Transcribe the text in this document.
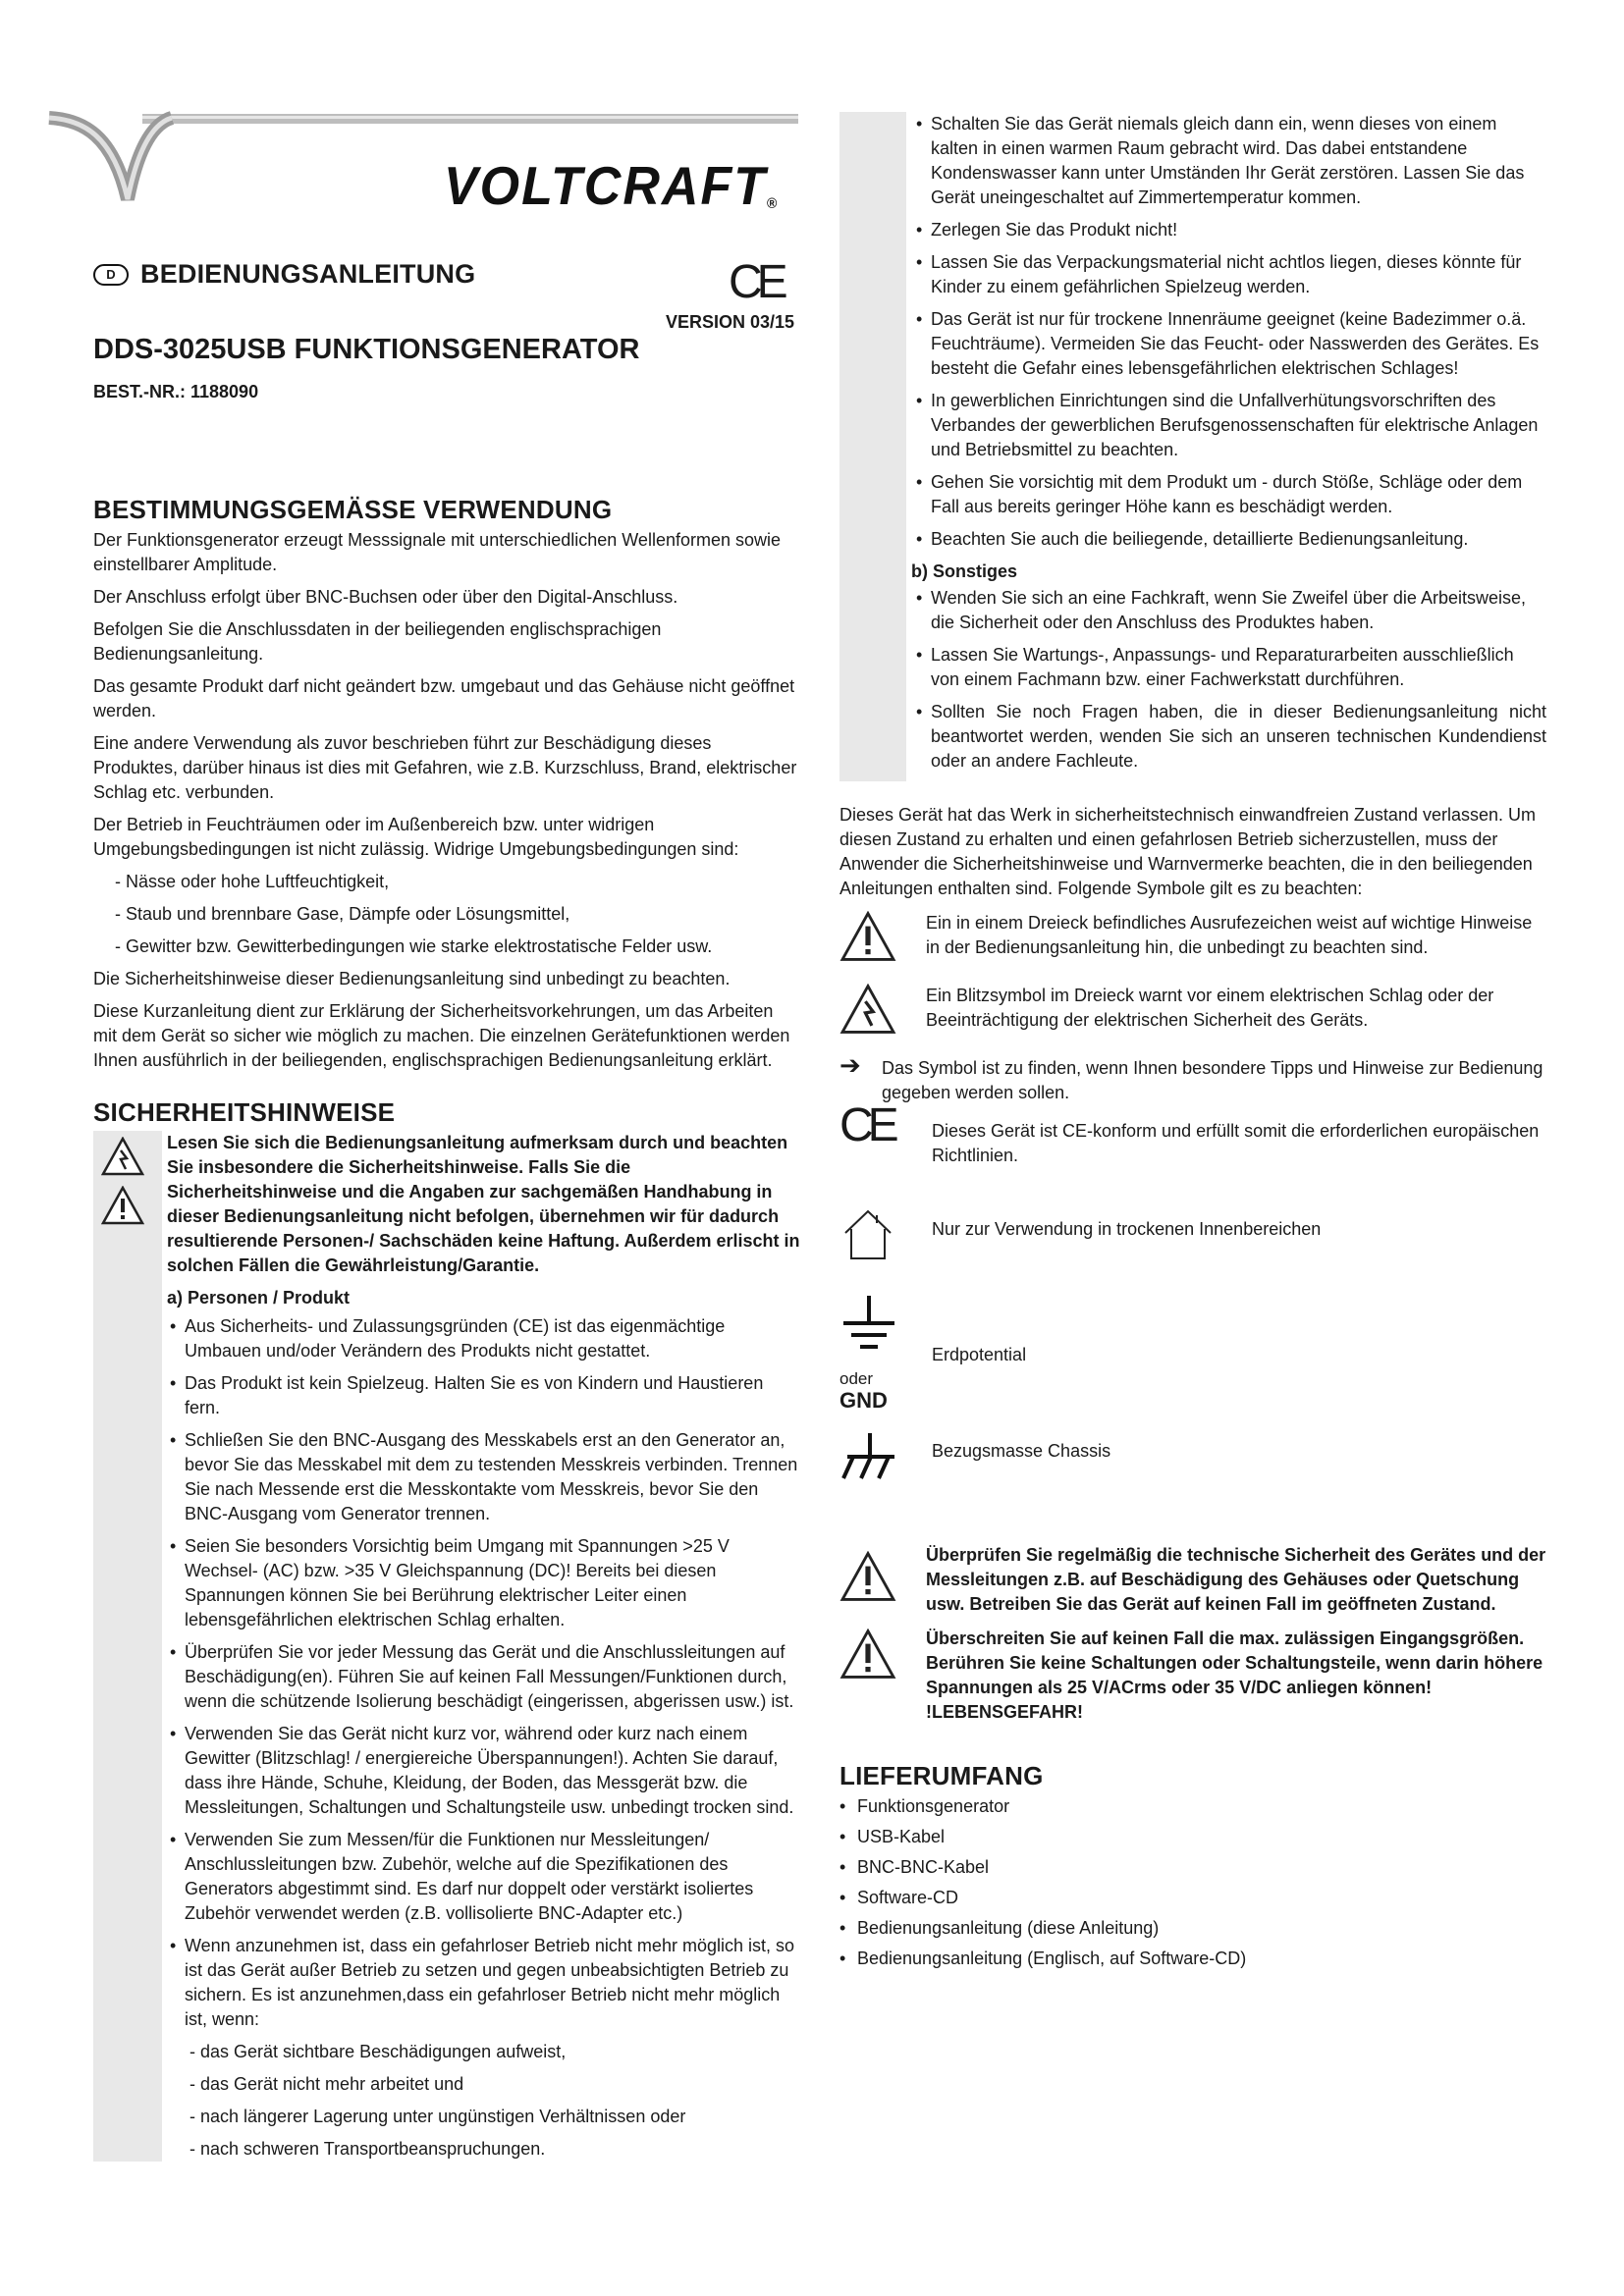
VOLTCRAFT®
D BEDIENUNGSANLEITUNG	CE
VERSION 03/15
DDS-3025USB FUNKTIONSGENERATOR
BEST.-NR.: 1188090
BESTIMMUNGSGEMÄSSE VERWENDUNG
Der Funktionsgenerator erzeugt Messsignale mit unterschiedlichen Wellenformen sowie einstellbarer Amplitude.
Der Anschluss erfolgt über BNC-Buchsen oder über den Digital-Anschluss.
Befolgen Sie die Anschlussdaten in der beiliegenden englischsprachigen Bedienungsanleitung.
Das gesamte Produkt darf nicht geändert bzw. umgebaut und das Gehäuse nicht geöffnet werden.
Eine andere Verwendung als zuvor beschrieben führt zur Beschädigung dieses Produktes, darüber hinaus ist dies mit Gefahren, wie z.B. Kurzschluss, Brand, elektrischer Schlag etc. verbunden.
Der Betrieb in Feuchträumen oder im Außenbereich bzw. unter widrigen Umgebungsbedingungen ist nicht zulässig. Widrige Umgebungsbedingungen sind:
- Nässe oder hohe Luftfeuchtigkeit,
- Staub und brennbare Gase, Dämpfe oder Lösungsmittel,
- Gewitter bzw. Gewitterbedingungen wie starke elektrostatische Felder usw.
Die Sicherheitshinweise dieser Bedienungsanleitung sind unbedingt zu beachten.
Diese Kurzanleitung dient zur Erklärung der Sicherheitsvorkehrungen, um das Arbeiten mit dem Gerät so sicher wie möglich zu machen. Die einzelnen Gerätefunktionen werden Ihnen ausführlich in der beiliegenden, englischsprachigen Bedienungsanleitung erklärt.
SICHERHEITSHINWEISE
Lesen Sie sich die Bedienungsanleitung aufmerksam durch und beachten Sie insbesondere die Sicherheitshinweise. Falls Sie die Sicherheitshinweise und die Angaben zur sachgemäßen Handhabung in dieser Bedienungsanleitung nicht befolgen, übernehmen wir für dadurch resultierende Personen-/ Sachschäden keine Haftung. Außerdem erlischt in solchen Fällen die Gewährleistung/Garantie.
a) Personen / Produkt
• Aus Sicherheits- und Zulassungsgründen (CE) ist das eigenmächtige Umbauen und/oder Verändern des Produkts nicht gestattet.
• Das Produkt ist kein Spielzeug. Halten Sie es von Kindern und Haustieren fern.
• Schließen Sie den BNC-Ausgang des Messkabels erst an den Generator an, bevor Sie das Messkabel mit dem zu testenden Messkreis verbinden. Trennen Sie nach Messende erst die Messkontakte vom Messkreis, bevor Sie den BNC-Ausgang vom Generator trennen.
• Seien Sie besonders Vorsichtig beim Umgang mit Spannungen >25 V Wechsel- (AC) bzw. >35 V Gleichspannung (DC)! Bereits bei diesen Spannungen können Sie bei Berührung elektrischer Leiter einen lebensgefährlichen elektrischen Schlag erhalten.
• Überprüfen Sie vor jeder Messung das Gerät und die Anschlussleitungen auf Beschädigung(en). Führen Sie auf keinen Fall Messungen/Funktionen durch, wenn die schützende Isolierung beschädigt (eingerissen, abgerissen usw.) ist.
• Verwenden Sie das Gerät nicht kurz vor, während oder kurz nach einem Gewitter (Blitzschlag! / energiereiche Überspannungen!). Achten Sie darauf, dass ihre Hände, Schuhe, Kleidung, der Boden, das Messgerät bzw. die Messleitungen, Schaltungen und Schaltungsteile usw. unbedingt trocken sind.
• Verwenden Sie zum Messen/für die Funktionen nur Messleitungen/ Anschlussleitungen bzw. Zubehör, welche auf die Spezifikationen des Generators abgestimmt sind. Es darf nur doppelt oder verstärkt isoliertes Zubehör verwendet werden (z.B. vollisolierte BNC-Adapter etc.)
• Wenn anzunehmen ist, dass ein gefahrloser Betrieb nicht mehr möglich ist, so ist das Gerät außer Betrieb zu setzen und gegen unbeabsichtigten Betrieb zu sichern. Es ist anzunehmen,dass ein gefahrloser Betrieb nicht mehr möglich ist, wenn:
- das Gerät sichtbare Beschädigungen aufweist,
- das Gerät nicht mehr arbeitet und
- nach längerer Lagerung unter ungünstigen Verhältnissen oder
- nach schweren Transportbeanspruchungen.
• Schalten Sie das Gerät niemals gleich dann ein, wenn dieses von einem kalten in einen warmen Raum gebracht wird. Das dabei entstandene Kondenswasser kann unter Umständen Ihr Gerät zerstören. Lassen Sie das Gerät uneingeschaltet auf Zimmertemperatur kommen.
• Zerlegen Sie das Produkt nicht!
• Lassen Sie das Verpackungsmaterial nicht achtlos liegen, dieses könnte für Kinder zu einem gefährlichen Spielzeug werden.
• Das Gerät ist nur für trockene Innenräume geeignet (keine Badezimmer o.ä. Feuchträume). Vermeiden Sie das Feucht- oder Nasswerden des Gerätes. Es besteht die Gefahr eines lebensgefährlichen elektrischen Schlages!
• In gewerblichen Einrichtungen sind die Unfallverhütungsvorschriften des Verbandes der gewerblichen Berufsgenossenschaften für elektrische Anlagen und Betriebsmittel zu beachten.
• Gehen Sie vorsichtig mit dem Produkt um - durch Stöße, Schläge oder dem Fall aus bereits geringer Höhe kann es beschädigt werden.
• Beachten Sie auch die beiliegende, detaillierte Bedienungsanleitung.
b) Sonstiges
• Wenden Sie sich an eine Fachkraft, wenn Sie Zweifel über die Arbeitsweise, die Sicherheit oder den Anschluss des Produktes haben.
• Lassen Sie Wartungs-, Anpassungs- und Reparaturarbeiten ausschließlich von einem Fachmann bzw. einer Fachwerkstatt durchführen.
• Sollten Sie noch Fragen haben, die in dieser Bedienungsanleitung nicht beantwortet werden, wenden Sie sich an unseren technischen Kundendienst oder an andere Fachleute.
Dieses Gerät hat das Werk in sicherheitstechnisch einwandfreien Zustand verlassen. Um diesen Zustand zu erhalten und einen gefahrlosen Betrieb sicherzustellen, muss der Anwender die Sicherheitshinweise und Warnvermerke beachten, die in den beiliegenden Anleitungen enthalten sind. Folgende Symbole gilt es zu beachten:
Ein in einem Dreieck befindliches Ausrufezeichen weist auf wichtige Hinweise in der Bedienungsanleitung hin, die unbedingt zu beachten sind.
Ein Blitzsymbol im Dreieck warnt vor einem elektrischen Schlag oder der Beeinträchtigung der elektrischen Sicherheit des Geräts.
➔	Das Symbol ist zu finden, wenn Ihnen besondere Tipps und Hinweise zur Bedienung gegeben werden sollen.
CE	Dieses Gerät ist CE-konform und erfüllt somit die erforderlichen europäischen Richtlinien.
Nur zur Verwendung in trockenen Innenbereichen
oder
GND
Erdpotential
Bezugsmasse Chassis
Überprüfen Sie regelmäßig die technische Sicherheit des Gerätes und der Messleitungen z.B. auf Beschädigung des Gehäuses oder Quetschung usw. Betreiben Sie das Gerät auf keinen Fall im geöffneten Zustand.
Überschreiten Sie auf keinen Fall die max. zulässigen Eingangsgrößen. Berühren Sie keine Schaltungen oder Schaltungsteile, wenn darin höhere Spannungen als 25 V/ACrms oder 35 V/DC anliegen können! !LEBENSGEFAHR!
LIEFERUMFANG
• Funktionsgenerator
• USB-Kabel
• BNC-BNC-Kabel
• Software-CD
• Bedienungsanleitung (diese Anleitung)
• Bedienungsanleitung (Englisch, auf Software-CD)
